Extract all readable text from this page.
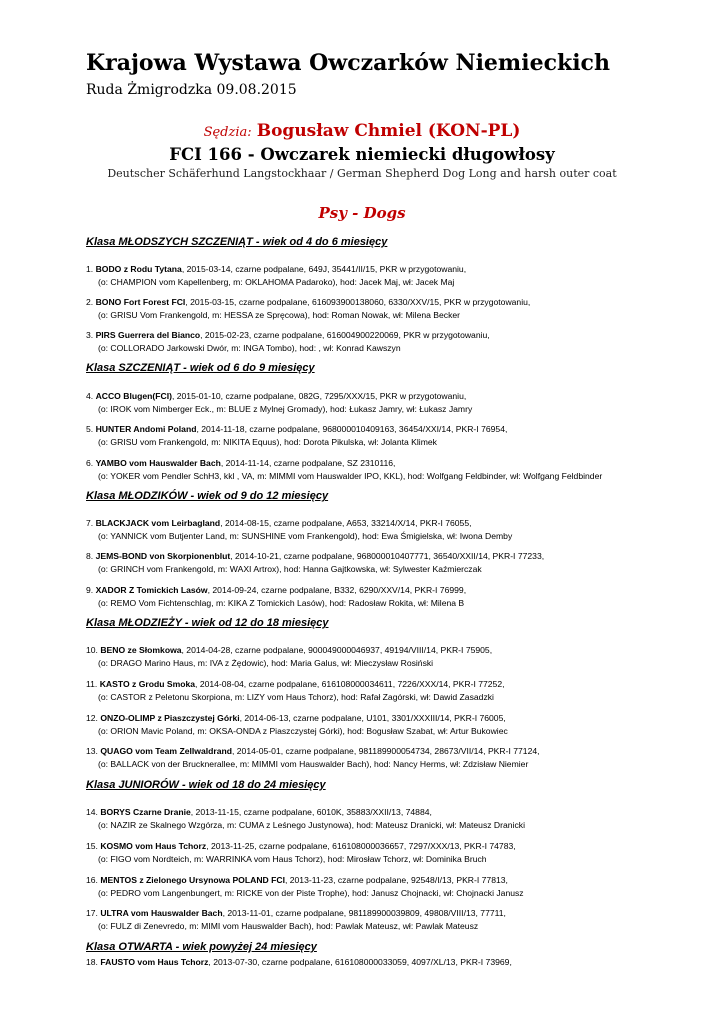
Krajowa Wystawa Owczarków Niemieckich
Ruda Żmigrodzka 09.08.2015
Sędzia: Bogusław Chmiel (KON-PL)
FCI 166 - Owczarek niemiecki długowłosy
Deutscher Schäferhund Langstockhaar / German Shepherd Dog Long and harsh outer coat
Psy - Dogs
Klasa MŁODSZYCH SZCZENIĄT - wiek od 4 do 6 miesięcy
1. BODO z Rodu Tytana, 2015-03-14, czarne podpalane, 649J, 35441/II/15, PKR w przygotowaniu,
(o: CHAMPION vom Kapellenberg, m: OKLAHOMA Padaroko), hod: Jacek Maj, wł: Jacek Maj
2. BONO Fort Forest FCI, 2015-03-15, czarne podpalane, 616093900138060, 6330/XXV/15, PKR w przygotowaniu,
(o: GRISU Vom Frankengold, m: HESSA ze Spręcowa), hod: Roman Nowak, wł: Milena Becker
3. PIRS Guerrera del Bianco, 2015-02-23, czarne podpalane, 616004900220069, PKR w przygotowaniu,
(o: COLLORADO Jarkowski Dwór, m: INGA Tombo), hod: , wł: Konrad Kawszyn
Klasa SZCZENIĄT - wiek od 6 do 9 miesięcy
4. ACCO Blugen(FCI), 2015-01-10, czarne podpalane, 082G, 7295/XXX/15, PKR w przygotowaniu,
(o: IROK vom Nimberger Eck., m: BLUE z Mylnej Gromady), hod: Łukasz Jamry, wł: Łukasz Jamry
5. HUNTER Andomi Poland, 2014-11-18, czarne podpalane, 968000010409163, 36454/XXI/14, PKR-I 76954,
(o: GRISU vom Frankengold, m: NIKITA Equus), hod: Dorota Pikulska, wł: Jolanta Klimek
6. YAMBO vom Hauswalder Bach, 2014-11-14, czarne podpalane, SZ 2310116,
(o: YOKER vom Pendler SchH3, kkl , VA, m: MIMMI vom Hauswalder IPO, KKL), hod: Wolfgang Feldbinder, wł: Wolfgang Feldbinder
Klasa MŁODZIKÓW - wiek od 9 do 12 miesięcy
7. BLACKJACK vom Leirbagland, 2014-08-15, czarne podpalane, A653, 33214/X/14, PKR-I 76055,
(o: YANNICK vom Butjenter Land, m: SUNSHINE vom Frankengold), hod: Ewa Śmigielska, wł: Iwona Demby
8. JEMS-BOND von Skorpionenblut, 2014-10-21, czarne podpalane, 968000010407771, 36540/XXII/14, PKR-I 77233,
(o: GRINCH vom Frankengold, m: WAXI Artrox), hod: Hanna Gajtkowska, wł: Sylwester Kaźmierczak
9. XADOR Z Tomickich Lasów, 2014-09-24, czarne podpalane, B332, 6290/XXV/14, PKR-I 76999,
(o: REMO Vom Fichtenschlag, m: KIKA Z Tomickich Lasów), hod: Radosław Rokita, wł: Milena B
Klasa MŁODZIEŻY - wiek od 12 do 18 miesięcy
10. BENO ze Słomkowa, 2014-04-28, czarne podpalane, 900049000046937, 49194/VIII/14, PKR-I 75905,
(o: DRAGO Marino Haus, m: IVA z Żędowic), hod: Maria Galus, wł: Mieczysław Rosiński
11. KASTO z Grodu Smoka, 2014-08-04, czarne podpalane, 616108000034611, 7226/XXX/14, PKR-I 77252,
(o: CASTOR z Peletonu Skorpiona, m: LIZY vom Haus Tchorz), hod: Rafał Zagórski, wł: Dawid Zasadzki
12. ONZO-OLIMP z Piaszczystej Górki, 2014-06-13, czarne podpalane, U101, 3301/XXXIII/14, PKR-I 76005,
(o: ORION Mavic Poland, m: OKSA-ONDA z Piaszczystej Górki), hod: Bogusław Szabat, wł: Artur Bukowiec
13. QUAGO vom Team Zellwaldrand, 2014-05-01, czarne podpalane, 981189900054734, 28673/VII/14, PKR-I 77124,
(o: BALLACK von der Brucknerallee, m: MIMMI vom Hauswalder Bach), hod: Nancy Herms, wł: Zdzisław Niemier
Klasa JUNIORÓW - wiek od 18 do 24 miesięcy
14. BORYS Czarne Dranie, 2013-11-15, czarne podpalane, 6010K, 35883/XXII/13, 74884,
(o: NAZIR ze Skalnego Wzgórza, m: CUMA z Leśnego Justynowa), hod: Mateusz Dranicki, wł: Mateusz Dranicki
15. KOSMO vom Haus Tchorz, 2013-11-25, czarne podpalane, 616108000036657, 7297/XXX/13, PKR-I 74783,
(o: FIGO vom Nordteich, m: WARRINKA vom Haus Tchorz), hod: Mirosław Tchorz, wł: Dominika Bruch
16. MENTOS z Zielonego Ursynowa POLAND FCI, 2013-11-23, czarne podpalane, 92548/I/13, PKR-I 77813,
(o: PEDRO vom Langenbungert, m: RICKE von der Piste Trophe), hod: Janusz Chojnacki, wł: Chojnacki Janusz
17. ULTRA vom Hauswalder Bach, 2013-11-01, czarne podpalane, 981189900039809, 49808/VIII/13, 77711,
(o: FULZ di Zenevredo, m: MIMI vom Hauswalder Bach), hod: Pawlak Mateusz, wł: Pawlak Mateusz
Klasa OTWARTA - wiek powyżej 24 miesięcy
18. FAUSTO vom Haus Tchorz, 2013-07-30, czarne podpalane, 616108000033059, 4097/XL/13, PKR-I 73969,
